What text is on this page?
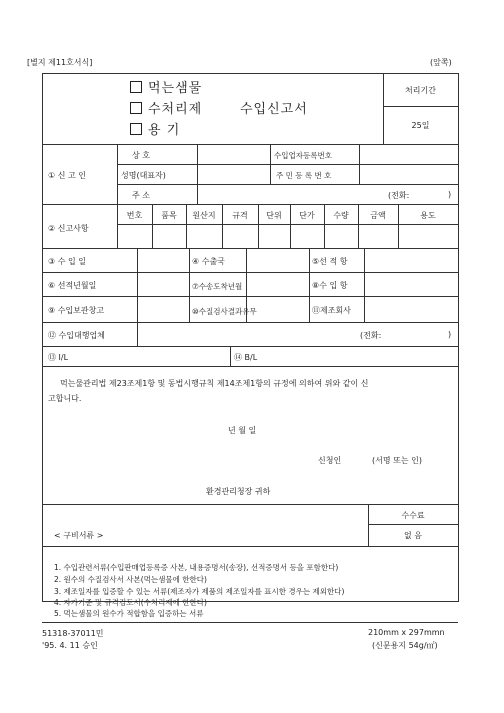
[별지 제11호서식]	(앞쪽)
먹는샘물
수처리제
용 기
수입신고서
처리기간
25일
① 신 고 인
상 호	수입업자등록번호
성명(대표자)	주 민 등 록 번 호
주 소	(전화:	)
② 신고사항
번호	품목	원산지	규격	단위	단가	수량	금액	용도
③ 수 입 일	④ 수출국	⑤선 적 항
⑥ 선적년월일	⑦수송도착년월	⑧수 입 항
⑨ 수입보관창고	⑩수질검사결과유무	⑪제조회사
⑫ 수입대행업체	(전화:	)
⑬ I/L	⑭ B/L
먹는물관리법 제23조제1항 및 동법시행규칙 제14조제1항의 규정에 의하여 위와 같이 신
고합니다.
년 월 일
신청인	(서명 또는 인)
환경관리청장 귀하
수수료
없 음
< 구비서류 >
1. 수입관련서류(수입판매업등록증 사본, 내용증명서(송장), 선적증명서 등을 포함한다)
2. 원수의 수질검사서 사본(먹는샘물에 한한다)
3. 제조일자를 입증할 수 있는 서류(제조자가 제품의 제조일자를 표시한 경우는 제외한다)
4. 자가기준 및 규격검토서(수처리제에 한한다)
5. 먹는샘물의 원수가 적합함을 입증하는 서류
51318-37011민
'95. 4. 11 승인
210mm x 297mmn
(신문용지 54g/㎡)
